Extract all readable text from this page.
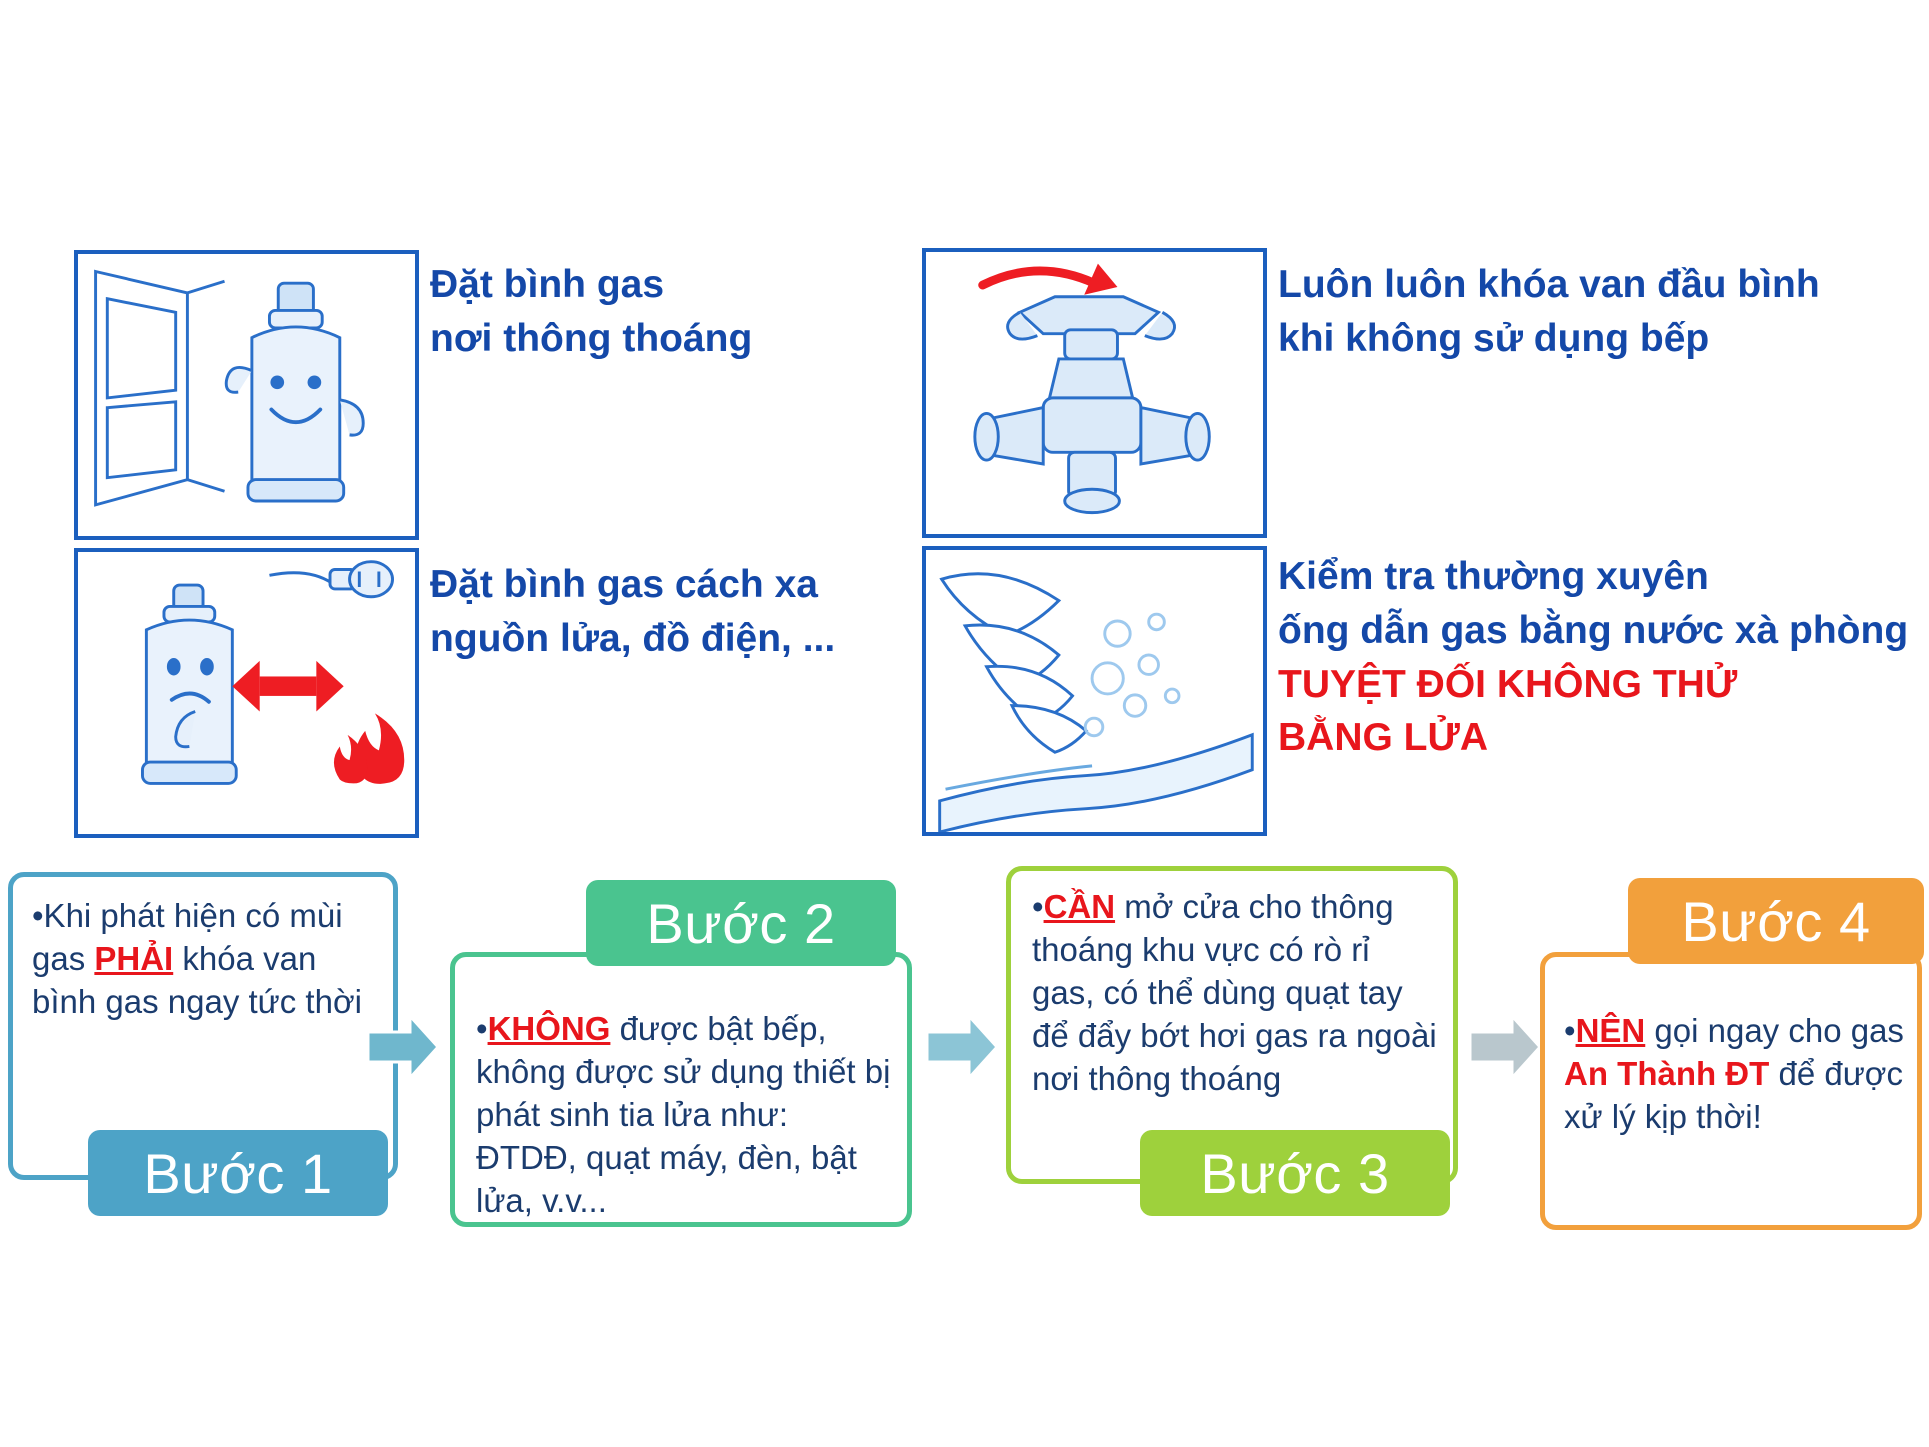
Đặt bình gas
nơi thông thoáng
Đặt bình gas cách xa
nguồn lửa, đồ điện, ...
Luôn luôn khóa van đầu bình
khi không sử dụng bếp
Kiểm tra thường xuyên
ống dẫn gas bằng nước xà phòng
TUYỆT ĐỐI KHÔNG THỬ
BẰNG LỬA
•Khi phát hiện có mùi gas PHẢI khóa van bình gas ngay tức thời
Bước 1
•KHÔNG được bật bếp, không được sử dụng thiết bị phát sinh tia lửa như: ĐTDĐ, quạt máy, đèn, bật lửa, v.v...
Bước 2	•CẦN mở cửa cho thông thoáng khu vực có rò rỉ gas, có thể dùng quạt tay để đẩy bớt hơi gas ra ngoài nơi thông thoáng
Bước 3
•NÊN gọi ngay cho gas An Thành ĐT để được xử lý kịp thời!
Bước 4
